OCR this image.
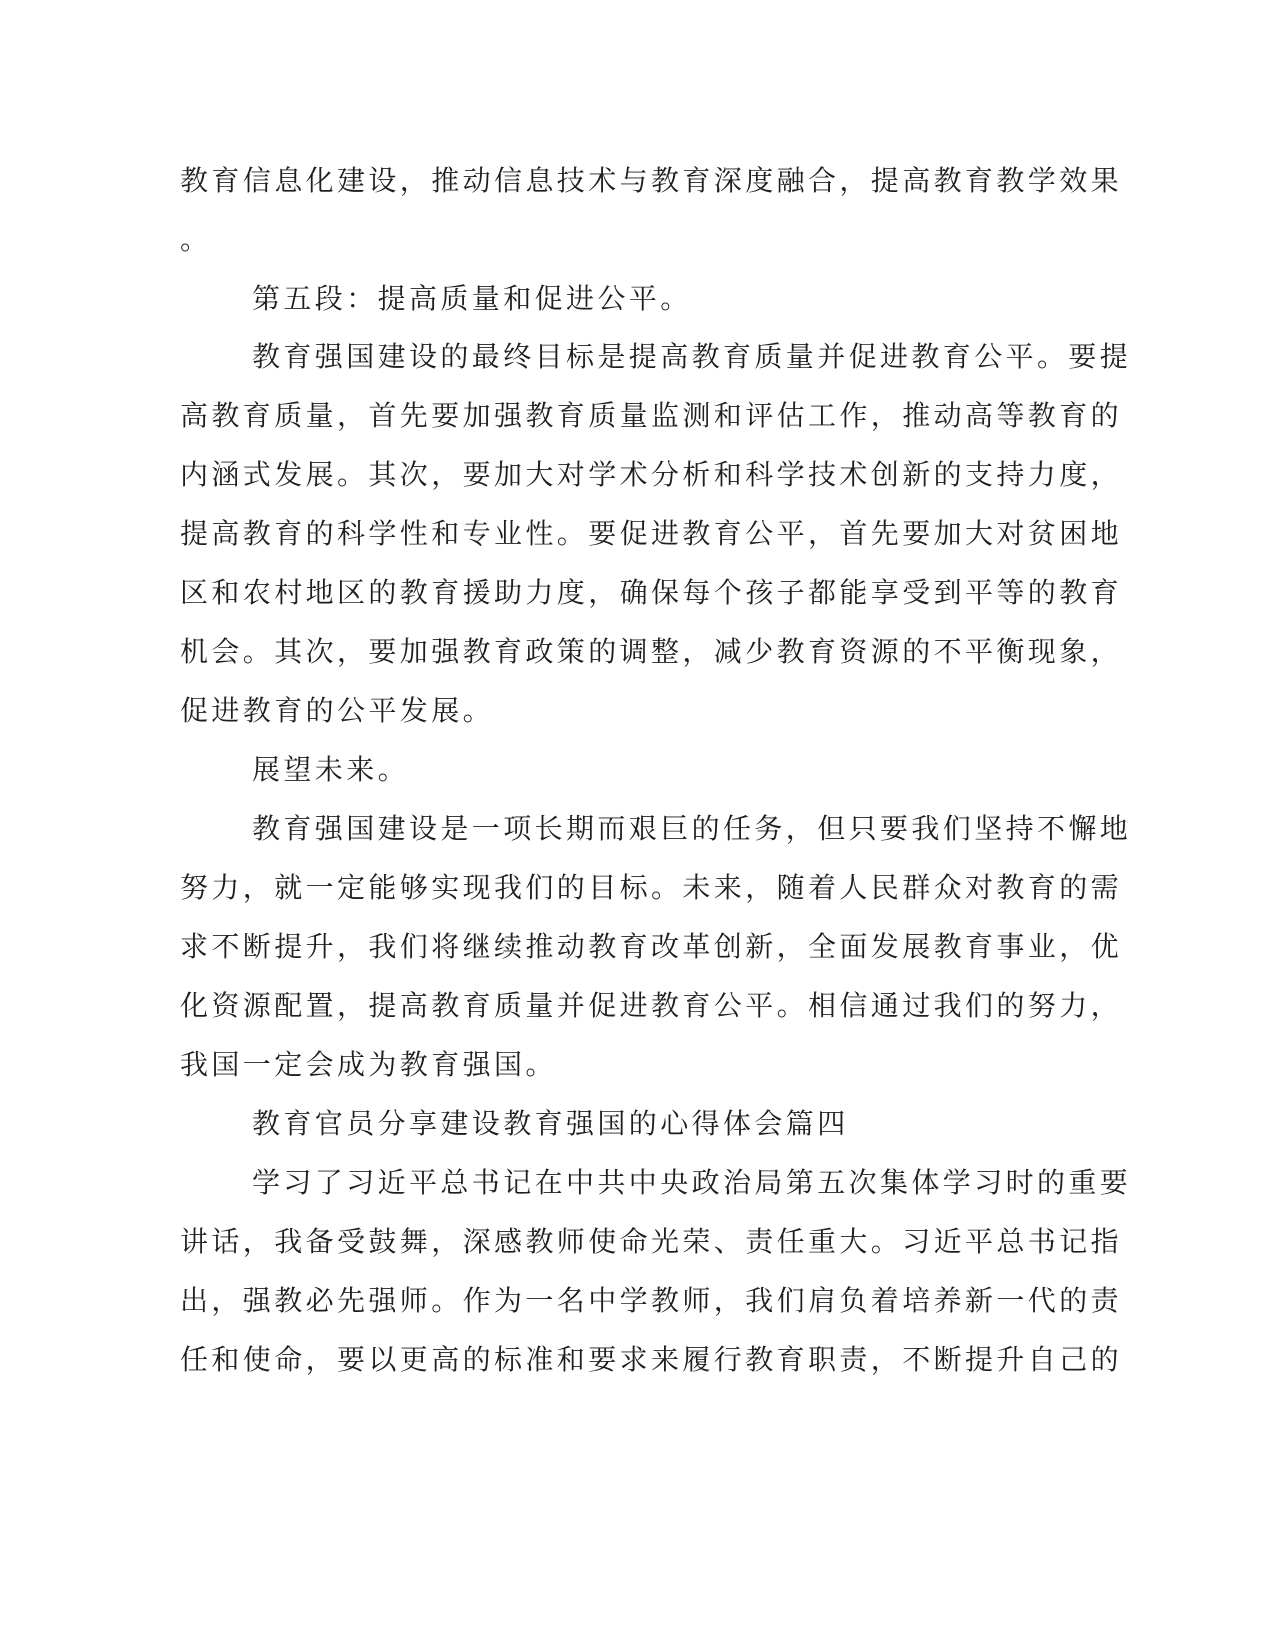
教育信息化建设，推动信息技术与教育深度融合，提高教育教学效果
。
第五段：提高质量和促进公平。
教育强国建设的最终目标是提高教育质量并促进教育公平。要提
高教育质量，首先要加强教育质量监测和评估工作，推动高等教育的
内涵式发展。其次，要加大对学术分析和科学技术创新的支持力度，
提高教育的科学性和专业性。要促进教育公平，首先要加大对贫困地
区和农村地区的教育援助力度，确保每个孩子都能享受到平等的教育
机会。其次，要加强教育政策的调整，减少教育资源的不平衡现象，
促进教育的公平发展。
展望未来。
教育强国建设是一项长期而艰巨的任务，但只要我们坚持不懈地
努力，就一定能够实现我们的目标。未来，随着人民群众对教育的需
求不断提升，我们将继续推动教育改革创新，全面发展教育事业，优
化资源配置，提高教育质量并促进教育公平。相信通过我们的努力，
我国一定会成为教育强国。
教育官员分享建设教育强国的心得体会篇四
学习了习近平总书记在中共中央政治局第五次集体学习时的重要
讲话，我备受鼓舞，深感教师使命光荣、责任重大。习近平总书记指
出，强教必先强师。作为一名中学教师，我们肩负着培养新一代的责
任和使命，要以更高的标准和要求来履行教育职责，不断提升自己的
